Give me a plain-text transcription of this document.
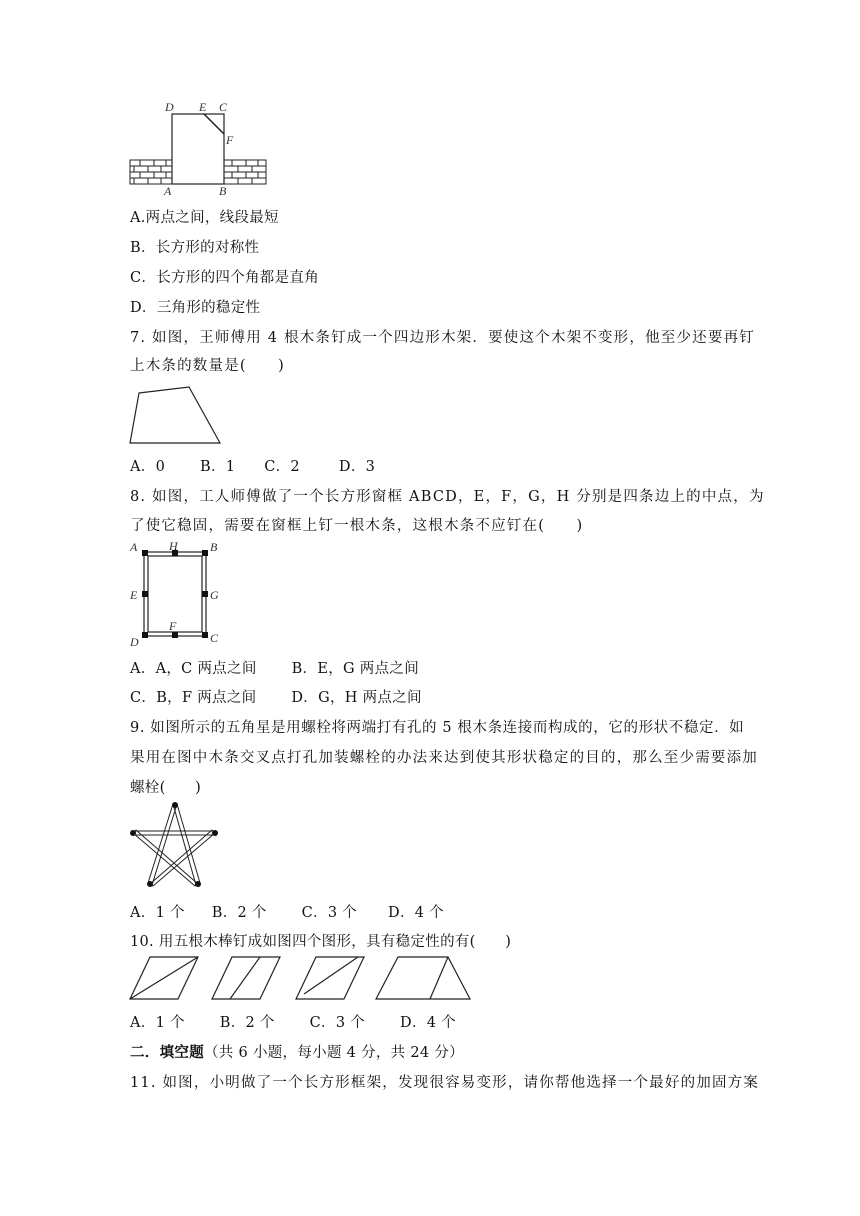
D E C
F
A	B
A.两点之间，线段最短
B．长方形的对称性
C．长方形的四个角都是直角
D．三角形的稳定性
7. 如图，王师傅用 4 根木条钉成一个四边形木架．要使这个木架不变形，他至少还要再钉
上木条的数量是(　　)
A．0 B．1 C．2	D．3
8. 如图，工人师傅做了一个长方形窗框 ABCD，E，F，G，H 分别是四条边上的中点，为
了使它稳固，需要在窗框上钉一根木条，这根木条不应钉在(　　)
A	H	B
E	G
D
F
C
A．A，C 两点之间 B．E，G 两点之间
C．B，F 两点之间 D．G，H 两点之间
9. 如图所示的五角星是用螺栓将两端打有孔的 5 根木条连接而构成的，它的形状不稳定．如
果用在图中木条交叉点打孔加装螺栓的办法来达到使其形状稳定的目的，那么至少需要添加
螺栓(　　)
A．1 个 B．2 个 C．3 个 D．4 个
10. 用五根木棒钉成如图四个图形，具有稳定性的有(　　)
A．1 个 B．2 个 C．3 个 D．4 个
二．填空题（共 6 小题，每小题 4 分，共 24 分）
11. 如图，小明做了一个长方形框架，发现很容易变形，请你帮他选择一个最好的加固方案
